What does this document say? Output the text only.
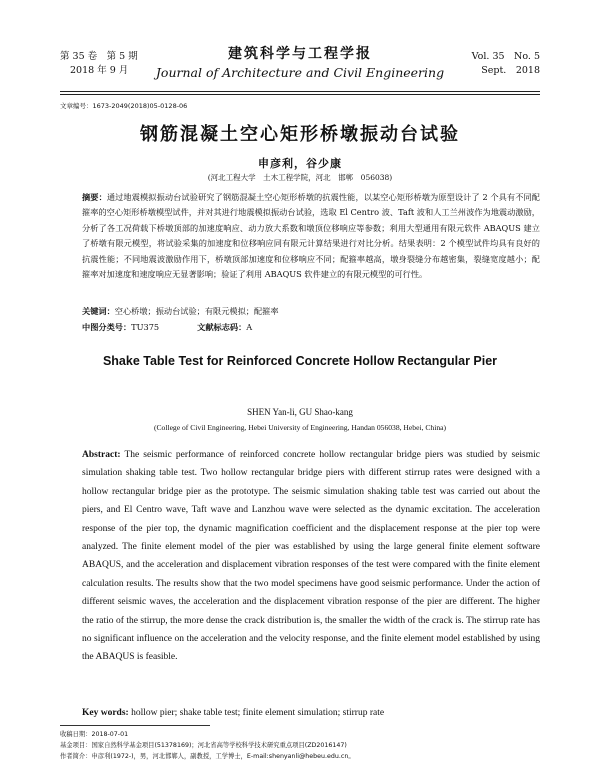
第 35 卷　第 5 期
2018 年 9 月
建筑科学与工程学报
Journal of Architecture and Civil Engineering
Vol. 35　No. 5
Sept.　2018
文章编号：1673-2049(2018)05-0128-06
钢筋混凝土空心矩形桥墩振动台试验
申彦利，谷少康
(河北工程大学　土木工程学院，河北　邯郸　056038)
摘要：通过地震模拟振动台试验研究了钢筋混凝土空心矩形桥墩的抗震性能，以某空心矩形桥墩为原型设计了 2 个具有不同配箍率的空心矩形桥墩模型试件，并对其进行地震模拟振动台试验，选取 El Centro 波、Taft 波和人工兰州波作为地震动激励，分析了各工况荷载下桥墩顶部的加速度响应、动力放大系数和墩顶位移响应等参数；利用大型通用有限元软件 ABAQUS 建立了桥墩有限元模型，将试验采集的加速度和位移响应同有限元计算结果进行对比分析。结果表明：2 个模型试件均具有良好的抗震性能；不同地震波激励作用下，桥墩顶部加速度和位移响应不同；配箍率越高，墩身裂缝分布越密集，裂缝宽度越小；配箍率对加速度和速度响应无显著影响；验证了利用 ABAQUS 软件建立的有限元模型的可行性。
关键词：空心桥墩；振动台试验；有限元模拟；配箍率
中图分类号：TU375	文献标志码：A
Shake Table Test for Reinforced Concrete Hollow Rectangular Pier
SHEN Yan-li, GU Shao-kang
(College of Civil Engineering, Hebei University of Engineering, Handan 056038, Hebei, China)
Abstract: The seismic performance of reinforced concrete hollow rectangular bridge piers was studied by seismic simulation shaking table test. Two hollow rectangular bridge piers with different stirrup rates were designed with a hollow rectangular bridge pier as the prototype. The seismic simulation shaking table test was carried out about the piers, and El Centro wave, Taft wave and Lanzhou wave were selected as the dynamic excitation. The acceleration response of the pier top, the dynamic magnification coefficient and the displacement response at the pier top were analyzed. The finite element model of the pier was established by using the large general finite element software ABAQUS, and the acceleration and displacement vibration responses of the test were compared with the finite element calculation results. The results show that the two model specimens have good seismic performance. Under the action of different seismic waves, the acceleration and the displacement vibration response of the pier are different. The higher the ratio of the stirrup, the more dense the crack distribution is, the smaller the width of the crack is. The stirrup rate has no significant influence on the acceleration and the velocity response, and the finite element model established by using the ABAQUS is feasible.
Key words: hollow pier; shake table test; finite element simulation; stirrup rate
收稿日期：2018-07-01
基金项目：国家自然科学基金项目(51378169)；河北省高等学校科学技术研究重点项目(ZD2016147)
作者简介：申彦利(1972-)，男，河北邯郸人，副教授，工学博士，E-mail:shenyanli@hebeu.edu.cn。
